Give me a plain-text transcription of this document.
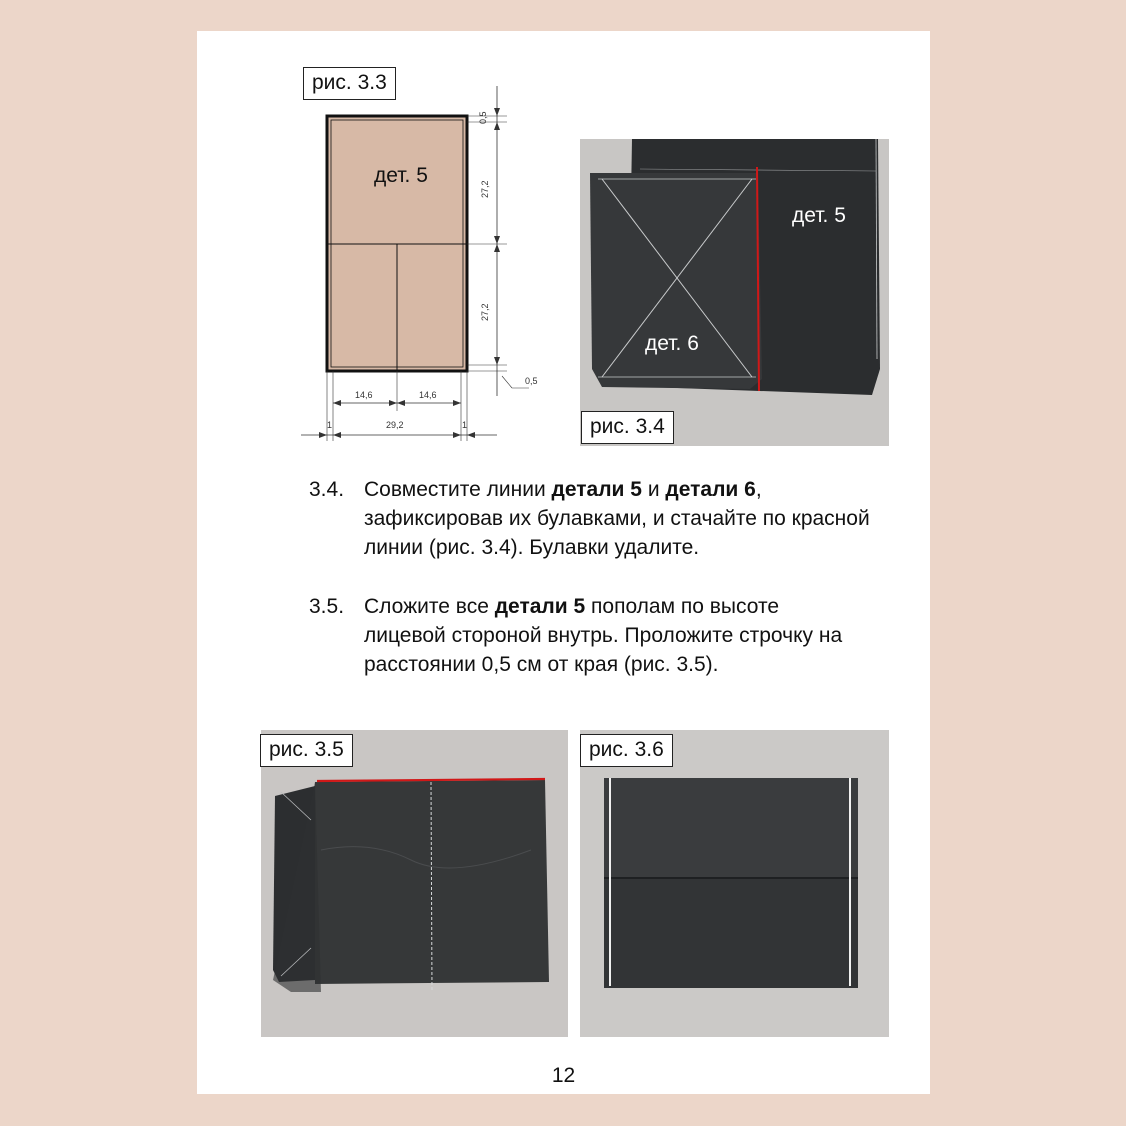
0,5
27,2
27,2
0,5
14,6	14,6
29,2
1	1
дет. 5
рис. 3.3
дет. 5
дет. 6
рис. 3.4
3.4. Совместите линии детали 5 и детали 6, зафиксировав их булавками, и стачайте по красной линии (рис. 3.4). Булавки удалите.
3.5. Сложите все детали 5 пополам по высоте лицевой стороной внутрь. Проложите строчку на расстоянии 0,5 см от края (рис. 3.5).
рис. 3.5	рис. 3.6
12
